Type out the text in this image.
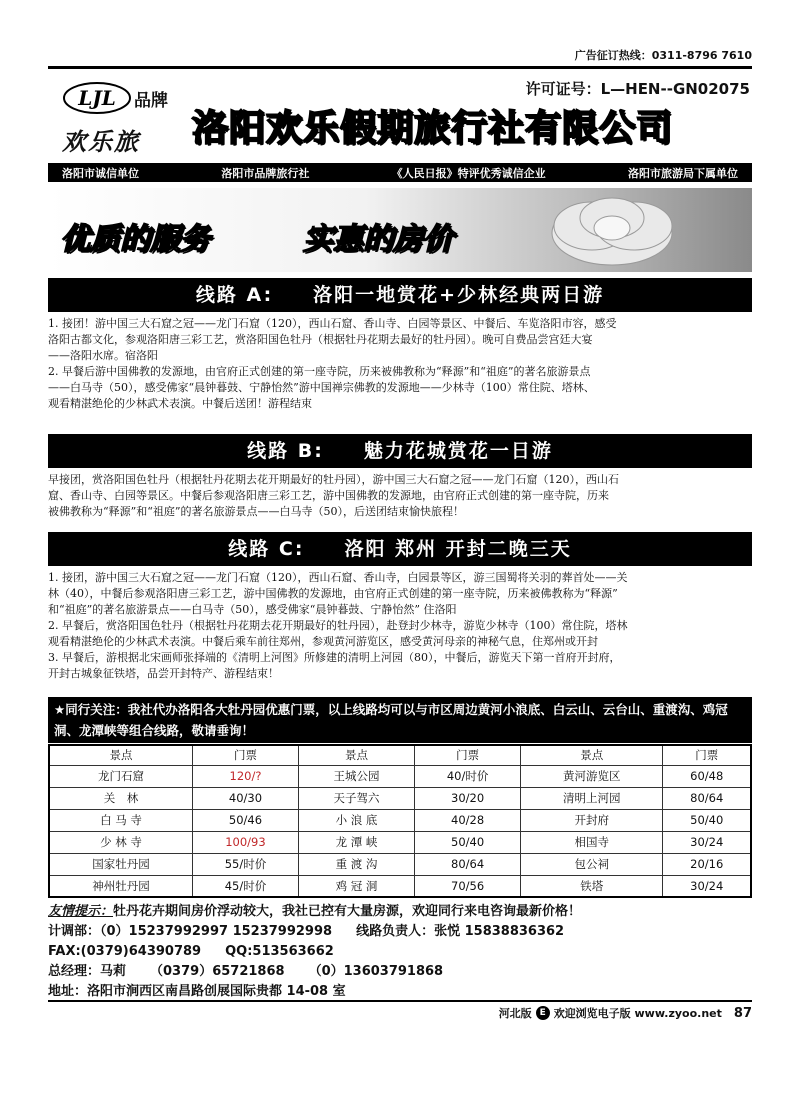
广告征订热线：0311-8796 7610
LJL 品牌
欢乐旅
许可证号：L—HEN--GN02075
洛阳欢乐假期旅行社有限公司
洛阳市诚信单位	洛阳市品牌旅行社	《人民日报》特评优秀诚信企业	洛阳市旅游局下属单位
优质的服务	实惠的房价
线路 A: 洛阳一地赏花+少林经典两日游

1. 接团！游中国三大石窟之冠——龙门石窟（120），西山石窟、香山寺、白园等景区、中餐后、车览洛阳市容，感受

洛阳古都文化，参观洛阳唐三彩工艺，赏洛阳国色牡丹（根据牡丹花期去最好的牡丹园）。晚可自费品尝宫廷大宴

——洛阳水席。宿洛阳

2. 早餐后游中国佛教的发源地，由官府正式创建的第一座寺院，历来被佛教称为“释源”和“祖庭”的著名旅游景点

——白马寺（50），感受佛家“晨钟暮鼓、宁静怡然”游中国禅宗佛教的发源地——少林寺（100）常住院、塔林、

观看精湛绝伦的少林武术表演。中餐后送团！游程结束

线路 B: 魅力花城赏花一日游

早接团，赏洛阳国色牡丹（根据牡丹花期去花开期最好的牡丹园），游中国三大石窟之冠——龙门石窟（120），西山石

窟、香山寺、白园等景区。中餐后参观洛阳唐三彩工艺，游中国佛教的发源地，由官府正式创建的第一座寺院，历来

被佛教称为“释源”和“祖庭”的著名旅游景点——白马寺（50），后送团结束愉快旅程！

线路 C: 洛阳 郑州 开封二晚三天

1. 接团，游中国三大石窟之冠——龙门石窟（120），西山石窟、香山寺，白园景等区，游三国蜀将关羽的葬首处——关

林（40），中餐后参观洛阳唐三彩工艺，游中国佛教的发源地，由官府正式创建的第一座寺院，历来被佛教称为“释源”

和“祖庭”的著名旅游景点——白马寺（50），感受佛家“晨钟暮鼓、宁静怡然” 住洛阳

2. 早餐后，赏洛阳国色牡丹（根据牡丹花期去花开期最好的牡丹园），赴登封少林寺，游览少林寺（100）常住院，塔林

观看精湛绝伦的少林武术表演。中餐后乘车前往郑州，参观黄河游览区，感受黄河母亲的神秘气息，住郑州或开封

3. 早餐后，游根据北宋画师张择端的《清明上河图》所修建的清明上河园（80），中餐后，游览天下第一首府开封府，

开封古城象征铁塔，品尝开封特产、游程结束！

★同行关注：我社代办洛阳各大牡丹园优惠门票，以上线路均可以与市区周边黄河小浪底、白云山、云台山、重渡沟、鸡冠洞、龙潭峡等组合线路，敬请垂询！
景点	门票	景点	门票	景点	门票
龙门石窟	120/?	王城公园	40/时价	黄河游览区	60/48
关　林	40/30	天子驾六	30/20	清明上河园	80/64
白 马 寺	50/46	小 浪 底	40/28	开封府	50/40
少 林 寺	100/93	龙 潭 峡	50/40	相国寺	30/24
国家牡丹园	55/时价	重 渡 沟	80/64	包公祠	20/16
神州牡丹园	45/时价	鸡 冠 洞	70/56	铁塔	30/24
友情提示：牡丹花卉期间房价浮动较大，我社已控有大量房源，欢迎同行来电咨询最新价格！
计调部：（0）15237992997 15237992998 线路负责人：张悦 15838836362
FAX:(0379)64390789 QQ:513563662
总经理：马莉 （0379）65721868 （0）13603791868
地址：洛阳市涧西区南昌路创展国际贵都 14-08 室
河北版 E 欢迎浏览电子版 www.zyoo.net 87
